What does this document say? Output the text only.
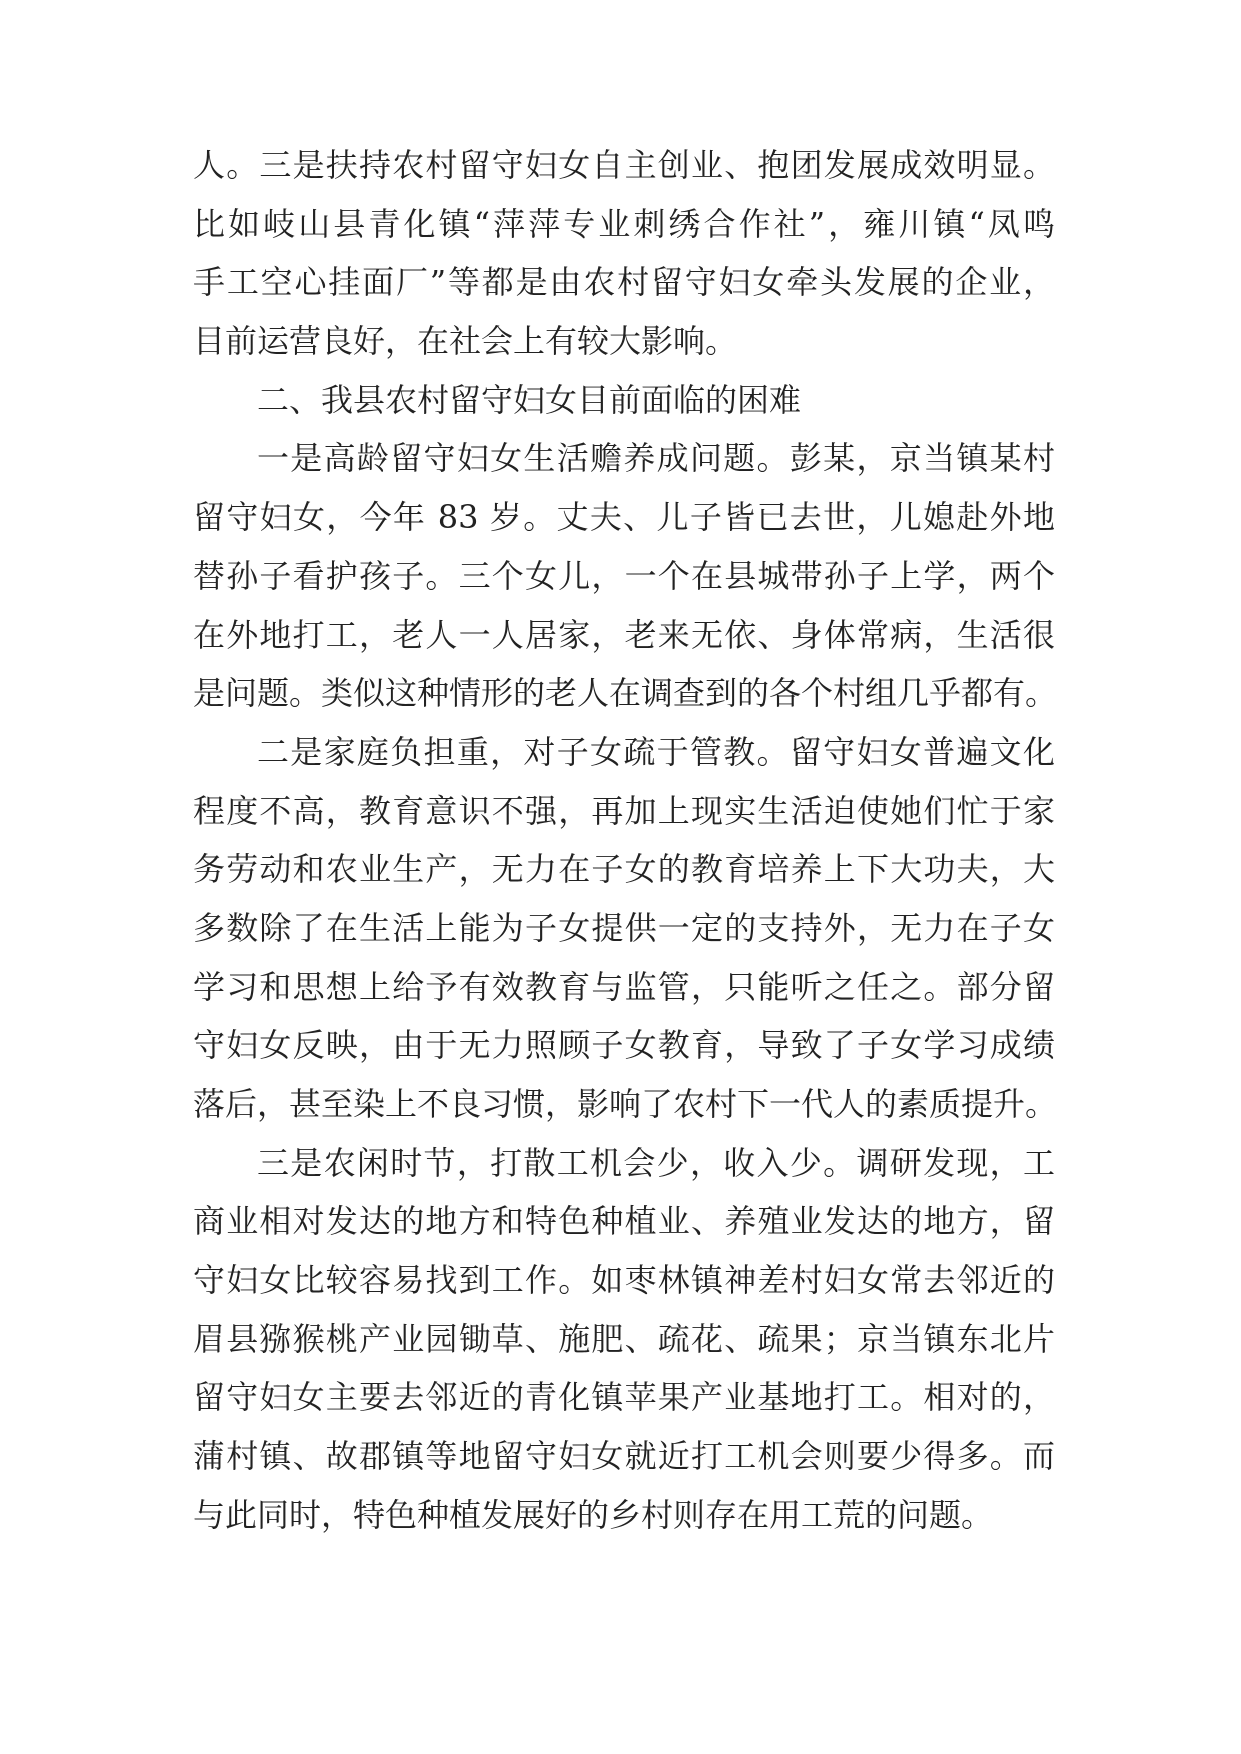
人。三是扶持农村留守妇女自主创业、抱团发展成效明显。
比如岐山县青化镇“萍萍专业刺绣合作社”，雍川镇“凤鸣
手工空心挂面厂”等都是由农村留守妇女牵头发展的企业，
目前运营良好，在社会上有较大影响。
二、我县农村留守妇女目前面临的困难
一是高龄留守妇女生活赡养成问题。彭某，京当镇某村
留守妇女，今年 83 岁。丈夫、儿子皆已去世，儿媳赴外地
替孙子看护孩子。三个女儿，一个在县城带孙子上学，两个
在外地打工，老人一人居家，老来无依、身体常病，生活很
是问题。类似这种情形的老人在调查到的各个村组几乎都有。
二是家庭负担重，对子女疏于管教。留守妇女普遍文化
程度不高，教育意识不强，再加上现实生活迫使她们忙于家
务劳动和农业生产，无力在子女的教育培养上下大功夫，大
多数除了在生活上能为子女提供一定的支持外，无力在子女
学习和思想上给予有效教育与监管，只能听之任之。部分留
守妇女反映，由于无力照顾子女教育，导致了子女学习成绩
落后，甚至染上不良习惯，影响了农村下一代人的素质提升。
三是农闲时节，打散工机会少，收入少。调研发现，工
商业相对发达的地方和特色种植业、养殖业发达的地方，留
守妇女比较容易找到工作。如枣林镇神差村妇女常去邻近的
眉县猕猴桃产业园锄草、施肥、疏花、疏果；京当镇东北片
留守妇女主要去邻近的青化镇苹果产业基地打工。相对的，
蒲村镇、故郡镇等地留守妇女就近打工机会则要少得多。而
与此同时，特色种植发展好的乡村则存在用工荒的问题。
